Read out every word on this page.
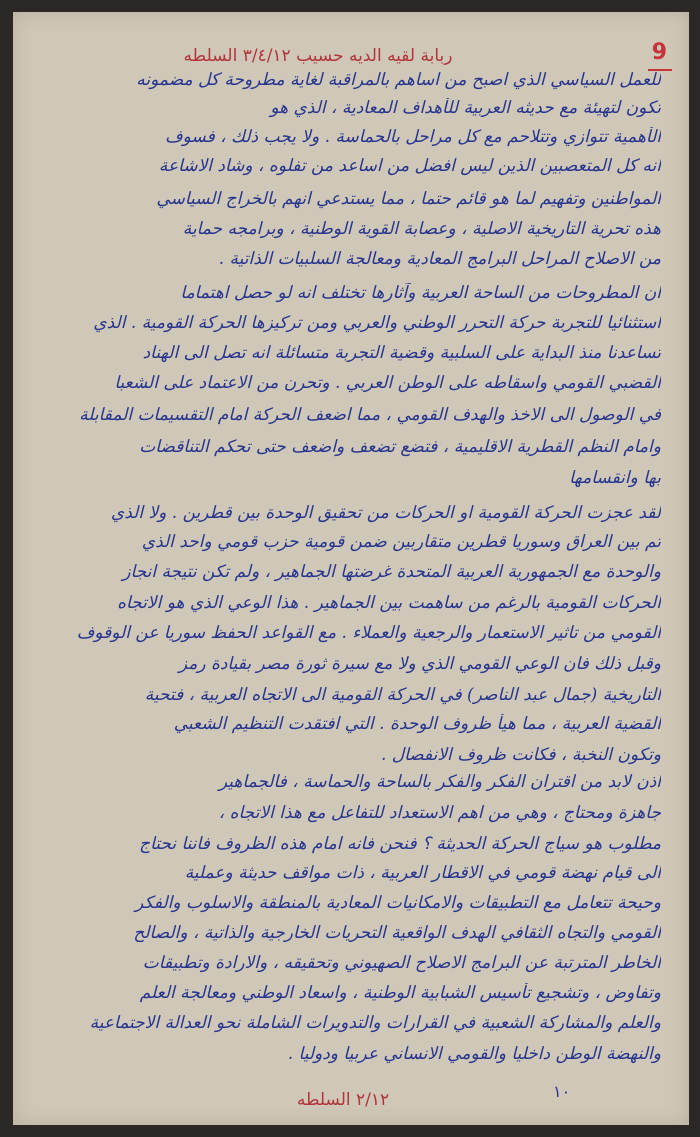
9
ربابة لقيه الديه حسيب ٣/٤/١٢ السلطه
للعمل السياسي الذي اصبح من اساهم بالمراقبة لغاية مطروحة كل مضمونه
تكون لتهيئة مع حديثه العربية للأهداف المعادية ، الذي هو
الأهمية تتوازي وتتلاحم مع كل مراحل بالحماسة . ولا يجب ذلك ، فسوف
انه كل المتعصبين الذين ليس افضل من اساعد من تفلوه ، وشاد الاشاعة
المواطنين وتفهيم لما هو قائم حتما ، مما يستدعي انهم بالخراج السياسي
هذه تحرية التاريخية الاصلية ، وعصابة القوية الوطنية ، وبرامجه حماية
من الاصلاح المراحل البرامج المعادية ومعالجة السلبيات الذاتية .
ان المطروحات من الساحة العربية وآثارها تختلف انه لو حصل اهتماما
استثنائيا للتجربة حركة التحرر الوطني والعربي ومن تركيزها الحركة القومية . الذي
تساعدنا منذ البداية على السلبية وقضية التجربة متسائلة انه تصل الى الهناد
القضبي القومي واسقاطه على الوطن العربي . وتحرن من الاعتماد على الشعبا
في الوصول الى الاخذ والهدف القومي ، مما اضعف الحركة امام التقسيمات المقابلة
وامام النظم القطرية الاقليمية ، فتضع تضعف واضعف حتى تحكم التناقضات
بها وانقسامها
لقد عجزت الحركة القومية او الحركات من تحقيق الوحدة بين قطرين . ولا الذي
تم بين العراق وسوريا قطرين متقاربين ضمن قومية حزب قومي واحد الذي
والوحدة مع الجمهورية العربية المتحدة غرضتها الجماهير ، ولم تكن نتيجة انجاز
الحركات القومية بالرغم من ساهمت بين الجماهير . هذا الوعي الذي هو الاتجاه
القومي من تاثير الاستعمار والرجعية والعملاء . مع القواعد الحفظ سوريا عن الوقوف
وقبل ذلك فان الوعي القومي الذي ولا مع سيرة ثورة مصر بقيادة رمز
التاريخية (جمال عبد الناصر) في الحركة القومية الى الاتجاه العربية ، فتحية
القضية العربية ، مما هيأ ظروف الوحدة . التي افتقدت التنظيم الشعبي
وتكون النخبة ، فكانت ظروف الانفصال .
اذن لابد من اقتران الفكر والفكر بالساحة والحماسة ، فالجماهير
جاهزة ومحتاج ، وهي من اهم الاستعداد للتفاعل مع هذا الاتجاه ،
مطلوب هو سياج الحركة الحديثة ؟ فنحن فانه امام هذه الظروف فاننا نحتاج
الى قيام نهضة قومي في الاقطار العربية ، ذات مواقف حديثة وعملية
وحيحة تتعامل مع التطبيقات والامكانيات المعادية بالمنطقة والاسلوب والفكر
القومي والتجاه الثقافي الهدف الواقعية التحريات الخارجية والذاتية ، والصالح
الخاطر المترتبة عن البرامج الاصلاح الصهيوني وتحقيقه ، والارادة وتطبيقات
وتفاوض ، وتشجيع تأسيس الشبابية الوطنية ، واسعاد الوطني ومعالجة العلم
والعلم والمشاركة الشعبية في القرارات والتدويرات الشاملة نحو العدالة الاجتماعية
والنهضة الوطن داخليا والقومي الانساني عربيا ودوليا .
٢/١٢ السلطه	١٠
